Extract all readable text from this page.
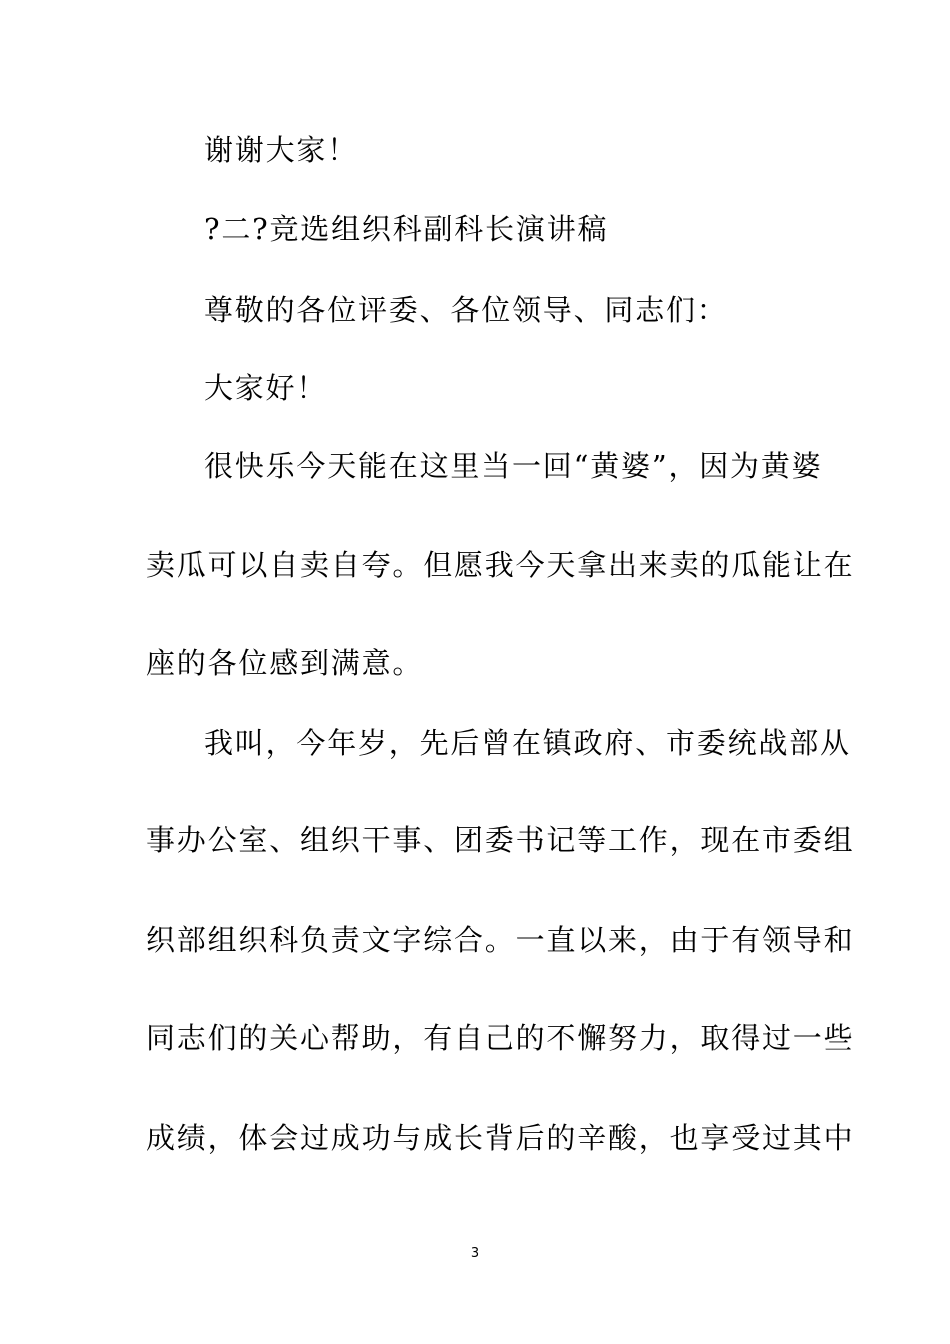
谢谢大家！

?二?竞选组织科副科长演讲稿

尊敬的各位评委、各位领导、同志们：

大家好！

很快乐今天能在这里当一回“黄婆”，因为黄婆

卖瓜可以自卖自夸。但愿我今天拿出来卖的瓜能让在

座的各位感到满意。

我叫，今年岁，先后曾在镇政府、市委统战部从

事办公室、组织干事、团委书记等工作，现在市委组

织部组织科负责文字综合。一直以来，由于有领导和

同志们的关心帮助，有自己的不懈努力，取得过一些

成绩，体会过成功与成长背后的辛酸，也享受过其中

3
